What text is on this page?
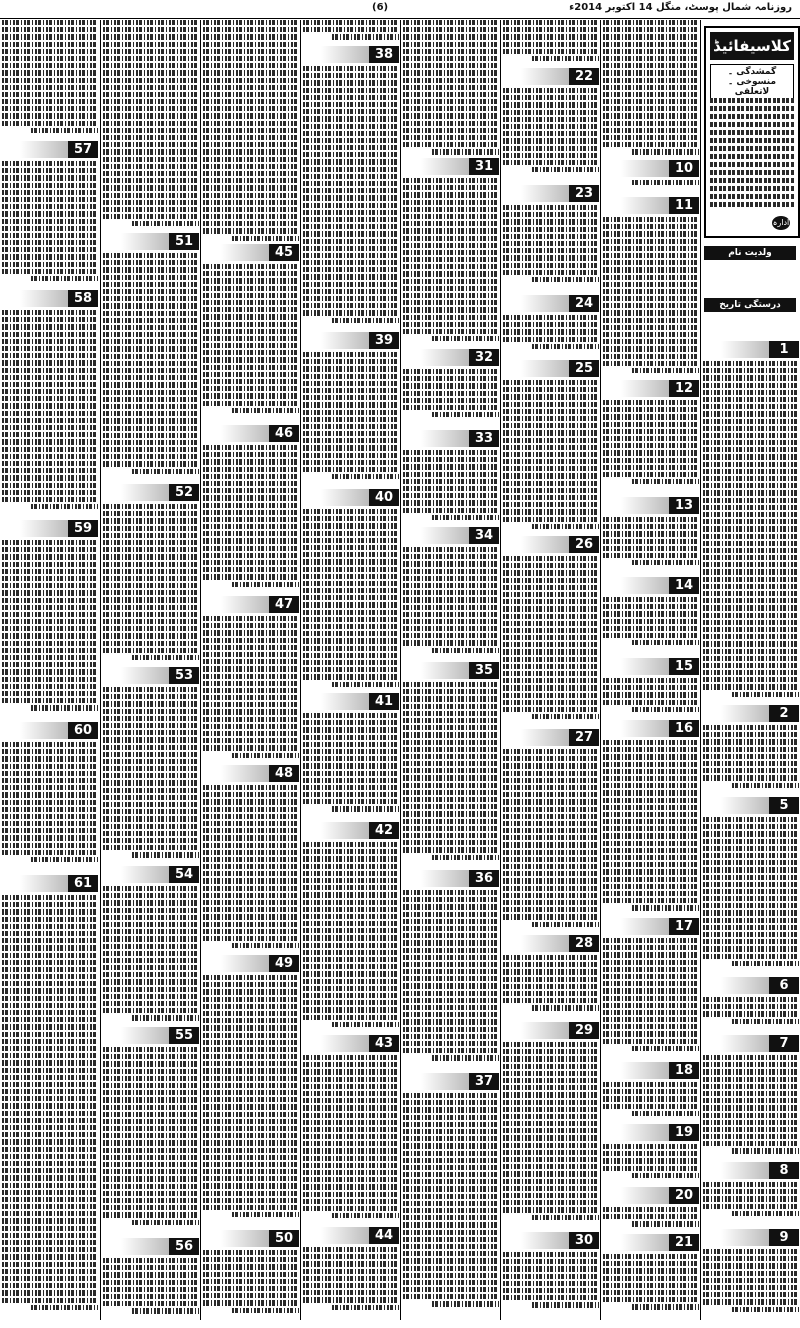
(6)	روزنامہ شمال پوسٹ، منگل 14 اکتوبر 2014ء
57
58
59
60
61
51
52
53
54
55
56
45
46
47
48
49
50
38
39
40
41
42
43
44
31
32
33
34
35
36
37
22
23
24
25
26
27
28
29
30
10
11
12
13
14
15
16
17
18
19
20
21
1
2
5
6
7
8
9
کلاسیفائیڈ
گمشدگی ۔ منسوخی ۔ لاتعلقی
ادارہ
ولدیت نام
درستگی تاریخ پیدائش
